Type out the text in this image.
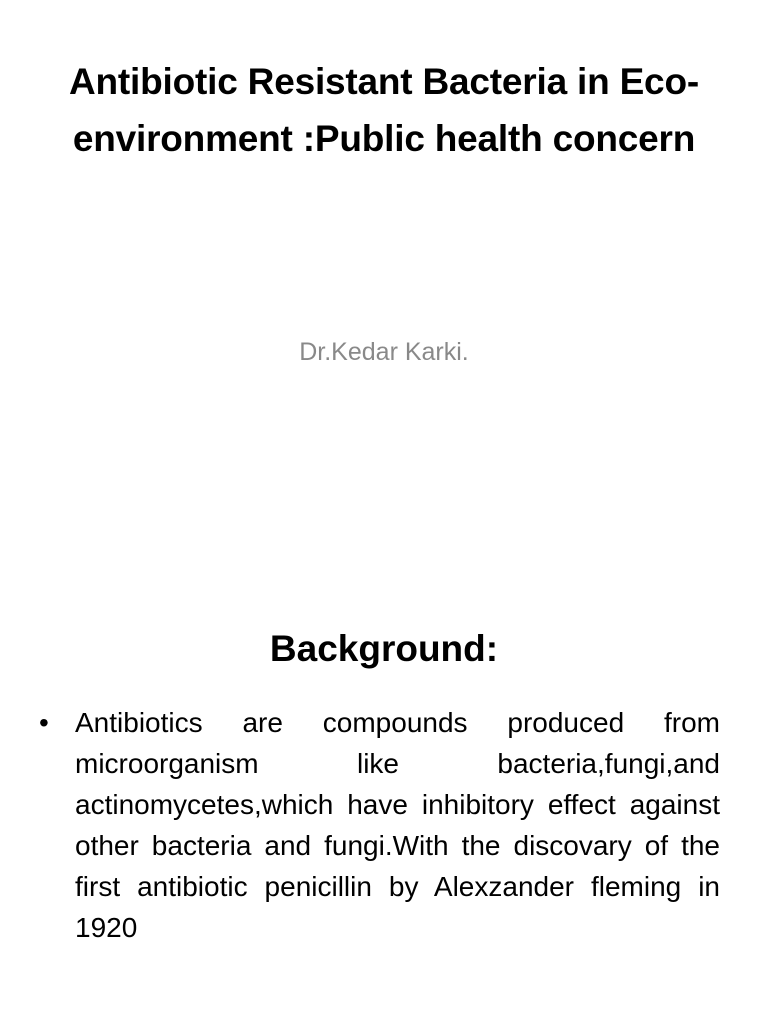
Antibiotic Resistant Bacteria in Eco-environment :Public health concern

Dr.Kedar Karki.

Background:
• Antibiotics are compounds produced from microorganism like bacteria,fungi,and actinomycetes,which have inhibitory effect against other bacteria and fungi.With the discovary of the first antibiotic penicillin by Alexzander fleming in 1920
